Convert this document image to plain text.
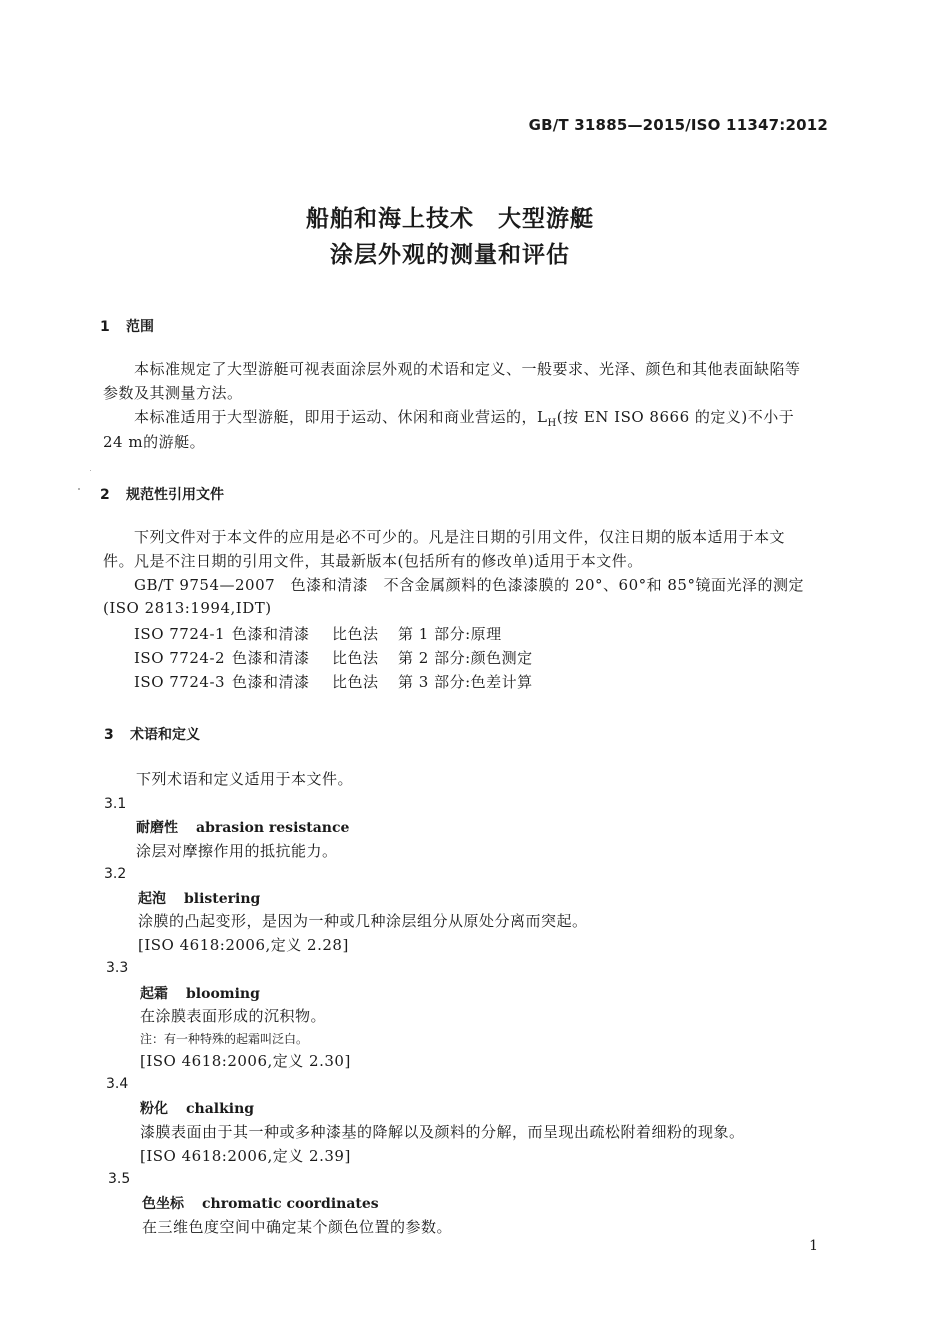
GB/T 31885—2015/ISO 11347:2012
船舶和海上技术　大型游艇
涂层外观的测量和评估
1 范围
本标准规定了大型游艇可视表面涂层外观的术语和定义、一般要求、光泽、颜色和其他表面缺陷等
参数及其测量方法。
本标准适用于大型游艇，即用于运动、休闲和商业营运的，$L_H$(按 EN ISO 8666 的定义)不小于
24 m的游艇。
2 规范性引用文件
下列文件对于本文件的应用是必不可少的。凡是注日期的引用文件，仅注日期的版本适用于本文
件。凡是不注日期的引用文件，其最新版本(包括所有的修改单)适用于本文件。
GB/T 9754—2007　色漆和清漆　不含金属颜料的色漆漆膜的 20°、60°和 85°镜面光泽的测定
(ISO 2813:1994,IDT)
ISO 7724-1 色漆和清漆 比色法 第 1 部分:原理
ISO 7724-2 色漆和清漆 比色法 第 2 部分:颜色测定
ISO 7724-3 色漆和清漆 比色法 第 3 部分:色差计算
3 术语和定义
下列术语和定义适用于本文件。
3.1
耐磨性 abrasion resistance
涂层对摩擦作用的抵抗能力。
3.2
起泡 blistering
涂膜的凸起变形，是因为一种或几种涂层组分从原处分离而突起。
[ISO 4618:2006,定义 2.28]
3.3
起霜 blooming
在涂膜表面形成的沉积物。
注：有一种特殊的起霜叫泛白。
[ISO 4618:2006,定义 2.30]
3.4
粉化 chalking
漆膜表面由于其一种或多种漆基的降解以及颜料的分解，而呈现出疏松附着细粉的现象。
[ISO 4618:2006,定义 2.39]
3.5
色坐标 chromatic coordinates
在三维色度空间中确定某个颜色位置的参数。
1
